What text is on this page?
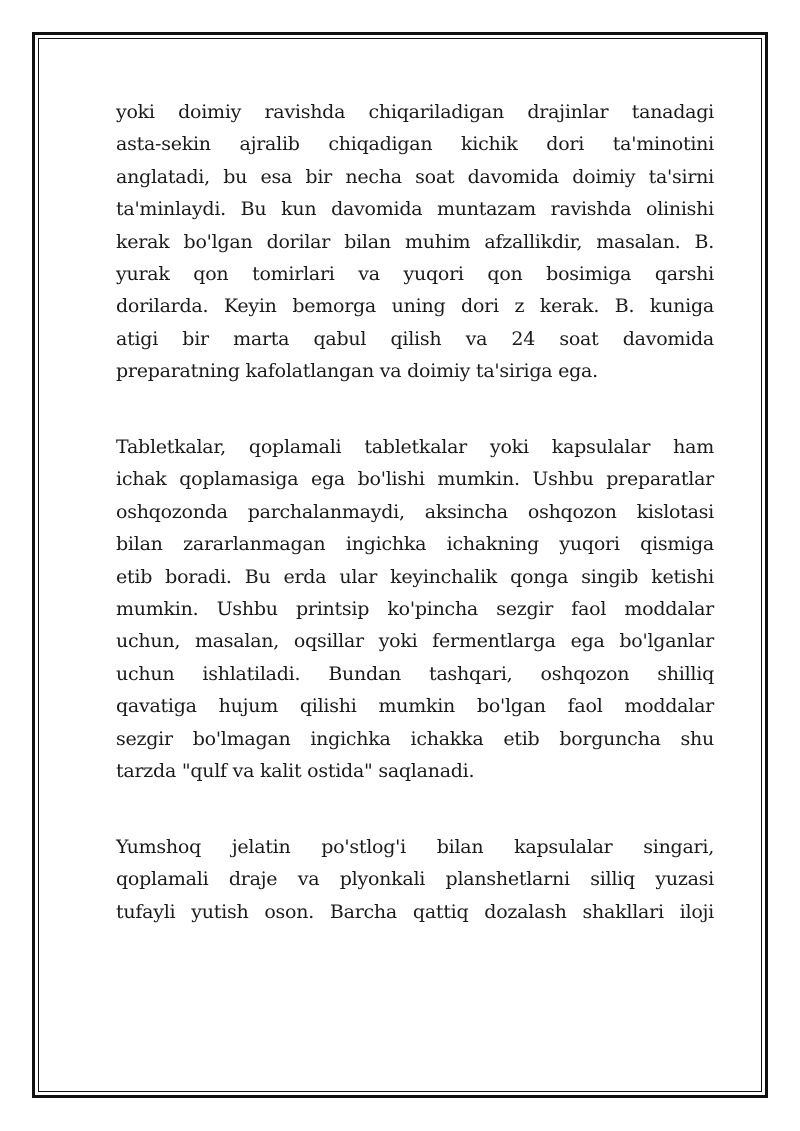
yoki doimiy ravishda chiqariladigan drajinlar tanadagi
asta-sekin ajralib chiqadigan kichik dori ta'minotini
anglatadi, bu esa bir necha soat davomida doimiy ta'sirni
ta'minlaydi. Bu kun davomida muntazam ravishda olinishi
kerak bo'lgan dorilar bilan muhim afzallikdir, masalan. B.
yurak qon tomirlari va yuqori qon bosimiga qarshi
dorilarda. Keyin bemorga uning dori z kerak. B. kuniga
atigi bir marta qabul qilish va 24 soat davomida
preparatning kafolatlangan va doimiy ta'siriga ega.
Tabletkalar, qoplamali tabletkalar yoki kapsulalar ham
ichak qoplamasiga ega bo'lishi mumkin. Ushbu preparatlar
oshqozonda parchalanmaydi, aksincha oshqozon kislotasi
bilan zararlanmagan ingichka ichakning yuqori qismiga
etib boradi. Bu erda ular keyinchalik qonga singib ketishi
mumkin. Ushbu printsip ko'pincha sezgir faol moddalar
uchun, masalan, oqsillar yoki fermentlarga ega bo'lganlar
uchun ishlatiladi. Bundan tashqari, oshqozon shilliq
qavatiga hujum qilishi mumkin bo'lgan faol moddalar
sezgir bo'lmagan ingichka ichakka etib borguncha shu
tarzda "qulf va kalit ostida" saqlanadi.
Yumshoq jelatin po'stlog'i bilan kapsulalar singari,
qoplamali draje va plyonkali planshetlarni silliq yuzasi
tufayli yutish oson. Barcha qattiq dozalash shakllari iloji
